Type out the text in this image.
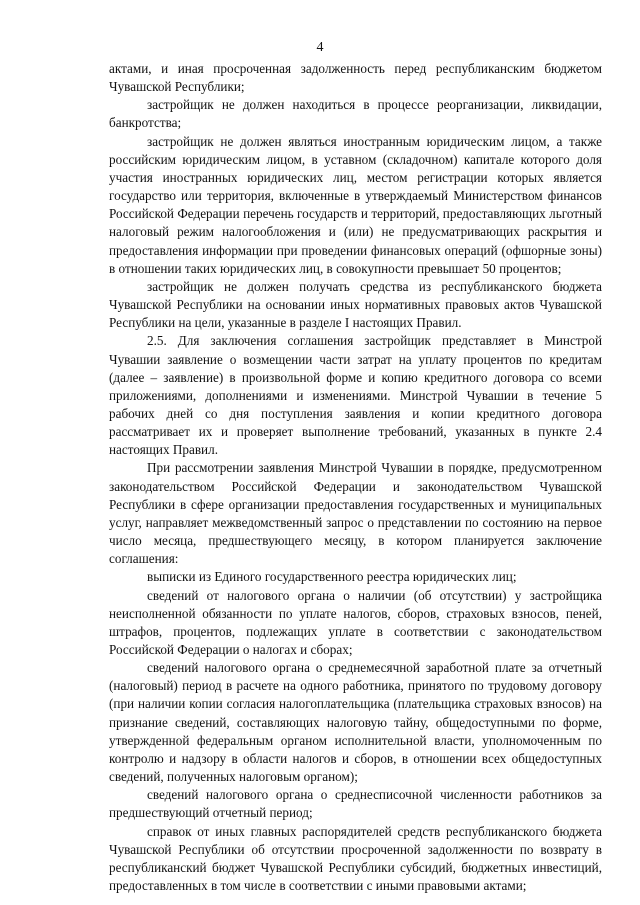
4

актами, и иная просроченная задолженность перед республиканским бюджетом Чувашской Республики;

застройщик не должен находиться в процессе реорганизации, ликвидации, банкротства;

застройщик не должен являться иностранным юридическим лицом, а также российским юридическим лицом, в уставном (складочном) капитале которого доля участия иностранных юридических лиц, местом регистрации которых является государство или территория, включенные в утверждаемый Министерством финансов Российской Федерации перечень государств и территорий, предоставляющих льготный налоговый режим налогообложения и (или) не предусматривающих раскрытия и предоставления информации при проведении финансовых операций (офшорные зоны) в отношении таких юридических лиц, в совокупности превышает 50 процентов;

застройщик не должен получать средства из республиканского бюджета Чувашской Республики на основании иных нормативных правовых актов Чувашской Республики на цели, указанные в разделе I настоящих Правил.

2.5. Для заключения соглашения застройщик представляет в Минстрой Чувашии заявление о возмещении части затрат на уплату процентов по кредитам (далее – заявление) в произвольной форме и копию кредитного договора со всеми приложениями, дополнениями и изменениями. Минстрой Чувашии в течение 5 рабочих дней со дня поступления заявления и копии кредитного договора рассматривает их и проверяет выполнение требований, указанных в пункте 2.4 настоящих Правил.

При рассмотрении заявления Минстрой Чувашии в порядке, предусмотренном законодательством Российской Федерации и законодательством Чувашской Республики в сфере организации предоставления государственных и муниципальных услуг, направляет межведомственный запрос о представлении по состоянию на первое число месяца, предшествующего месяцу, в котором планируется заключение соглашения:

выписки из Единого государственного реестра юридических лиц;

сведений от налогового органа о наличии (об отсутствии) у застройщика неисполненной обязанности по уплате налогов, сборов, страховых взносов, пеней, штрафов, процентов, подлежащих уплате в соответствии с законодательством Российской Федерации о налогах и сборах;

сведений налогового органа о среднемесячной заработной плате за отчетный (налоговый) период в расчете на одного работника, принятого по трудовому договору (при наличии копии согласия налогоплательщика (плательщика страховых взносов) на признание сведений, составляющих налоговую тайну, общедоступными по форме, утвержденной федеральным органом исполнительной власти, уполномоченным по контролю и надзору в области налогов и сборов, в отношении всех общедоступных сведений, полученных налоговым органом);

сведений налогового органа о среднесписочной численности работников за предшествующий отчетный период;

справок от иных главных распорядителей средств республиканского бюджета Чувашской Республики об отсутствии просроченной задолженности по возврату в республиканский бюджет Чувашской Республики субсидий, бюджетных инвестиций, предоставленных в том числе в соответствии с иными правовыми актами;
